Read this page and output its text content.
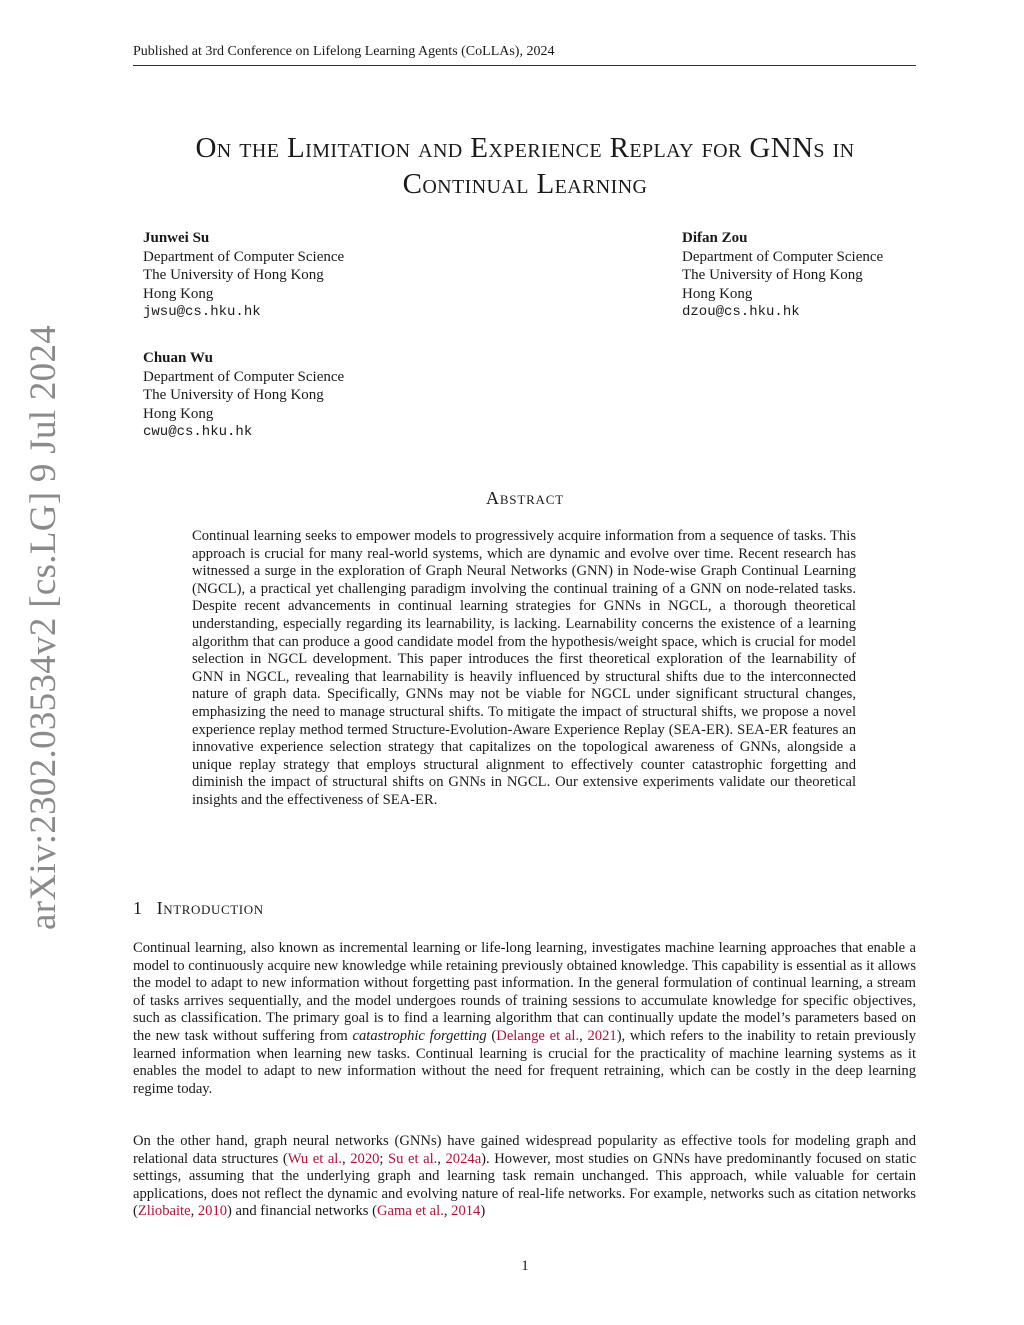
Published at 3rd Conference on Lifelong Learning Agents (CoLLAs), 2024
On the Limitation and Experience Replay for GNNs in
Continual Learning
Junwei Su
Department of Computer Science
The University of Hong Kong
Hong Kong
jwsu@cs.hku.hk
Difan Zou
Department of Computer Science
The University of Hong Kong
Hong Kong
dzou@cs.hku.hk
Chuan Wu
Department of Computer Science
The University of Hong Kong
Hong Kong
cwu@cs.hku.hk
Abstract
Continual learning seeks to empower models to progressively acquire information from a sequence of tasks. This approach is crucial for many real-world systems, which are dynamic and evolve over time. Recent research has witnessed a surge in the exploration of Graph Neural Networks (GNN) in Node-wise Graph Continual Learning (NGCL), a practical yet challenging paradigm involving the continual training of a GNN on node-related tasks. Despite recent advancements in continual learning strategies for GNNs in NGCL, a thorough theoretical understanding, especially regarding its learnability, is lacking. Learnability concerns the existence of a learning algorithm that can produce a good candidate model from the hypothesis/weight space, which is crucial for model selection in NGCL development. This paper introduces the first theoretical exploration of the learnability of GNN in NGCL, revealing that learnability is heavily influenced by structural shifts due to the interconnected nature of graph data. Specifically, GNNs may not be viable for NGCL under significant structural changes, emphasizing the need to manage structural shifts. To mitigate the impact of structural shifts, we propose a novel experience replay method termed Structure-Evolution-Aware Experience Replay (SEA-ER). SEA-ER features an innovative experience selection strategy that capitalizes on the topological awareness of GNNs, alongside a unique replay strategy that employs structural alignment to effectively counter catastrophic forgetting and diminish the impact of structural shifts on GNNs in NGCL. Our extensive experiments validate our theoretical insights and the effectiveness of SEA-ER.
1 Introduction
Continual learning, also known as incremental learning or life-long learning, investigates machine learning approaches that enable a model to continuously acquire new knowledge while retaining previously obtained knowledge. This capability is essential as it allows the model to adapt to new information without forgetting past information. In the general formulation of continual learning, a stream of tasks arrives sequentially, and the model undergoes rounds of training sessions to accumulate knowledge for specific objectives, such as classification. The primary goal is to find a learning algorithm that can continually update the model’s parameters based on the new task without suffering from catastrophic forgetting (Delange et al., 2021), which refers to the inability to retain previously learned information when learning new tasks. Continual learning is crucial for the practicality of machine learning systems as it enables the model to adapt to new information without the need for frequent retraining, which can be costly in the deep learning regime today.
On the other hand, graph neural networks (GNNs) have gained widespread popularity as effective tools for modeling graph and relational data structures (Wu et al., 2020; Su et al., 2024a). However, most studies on GNNs have predominantly focused on static settings, assuming that the underlying graph and learning task remain unchanged. This approach, while valuable for certain applications, does not reflect the dynamic and evolving nature of real-life networks. For example, networks such as citation networks (Zliobaite, 2010) and financial networks (Gama et al., 2014)
arXiv:2302.03534v2 [cs.LG] 9 Jul 2024
1
